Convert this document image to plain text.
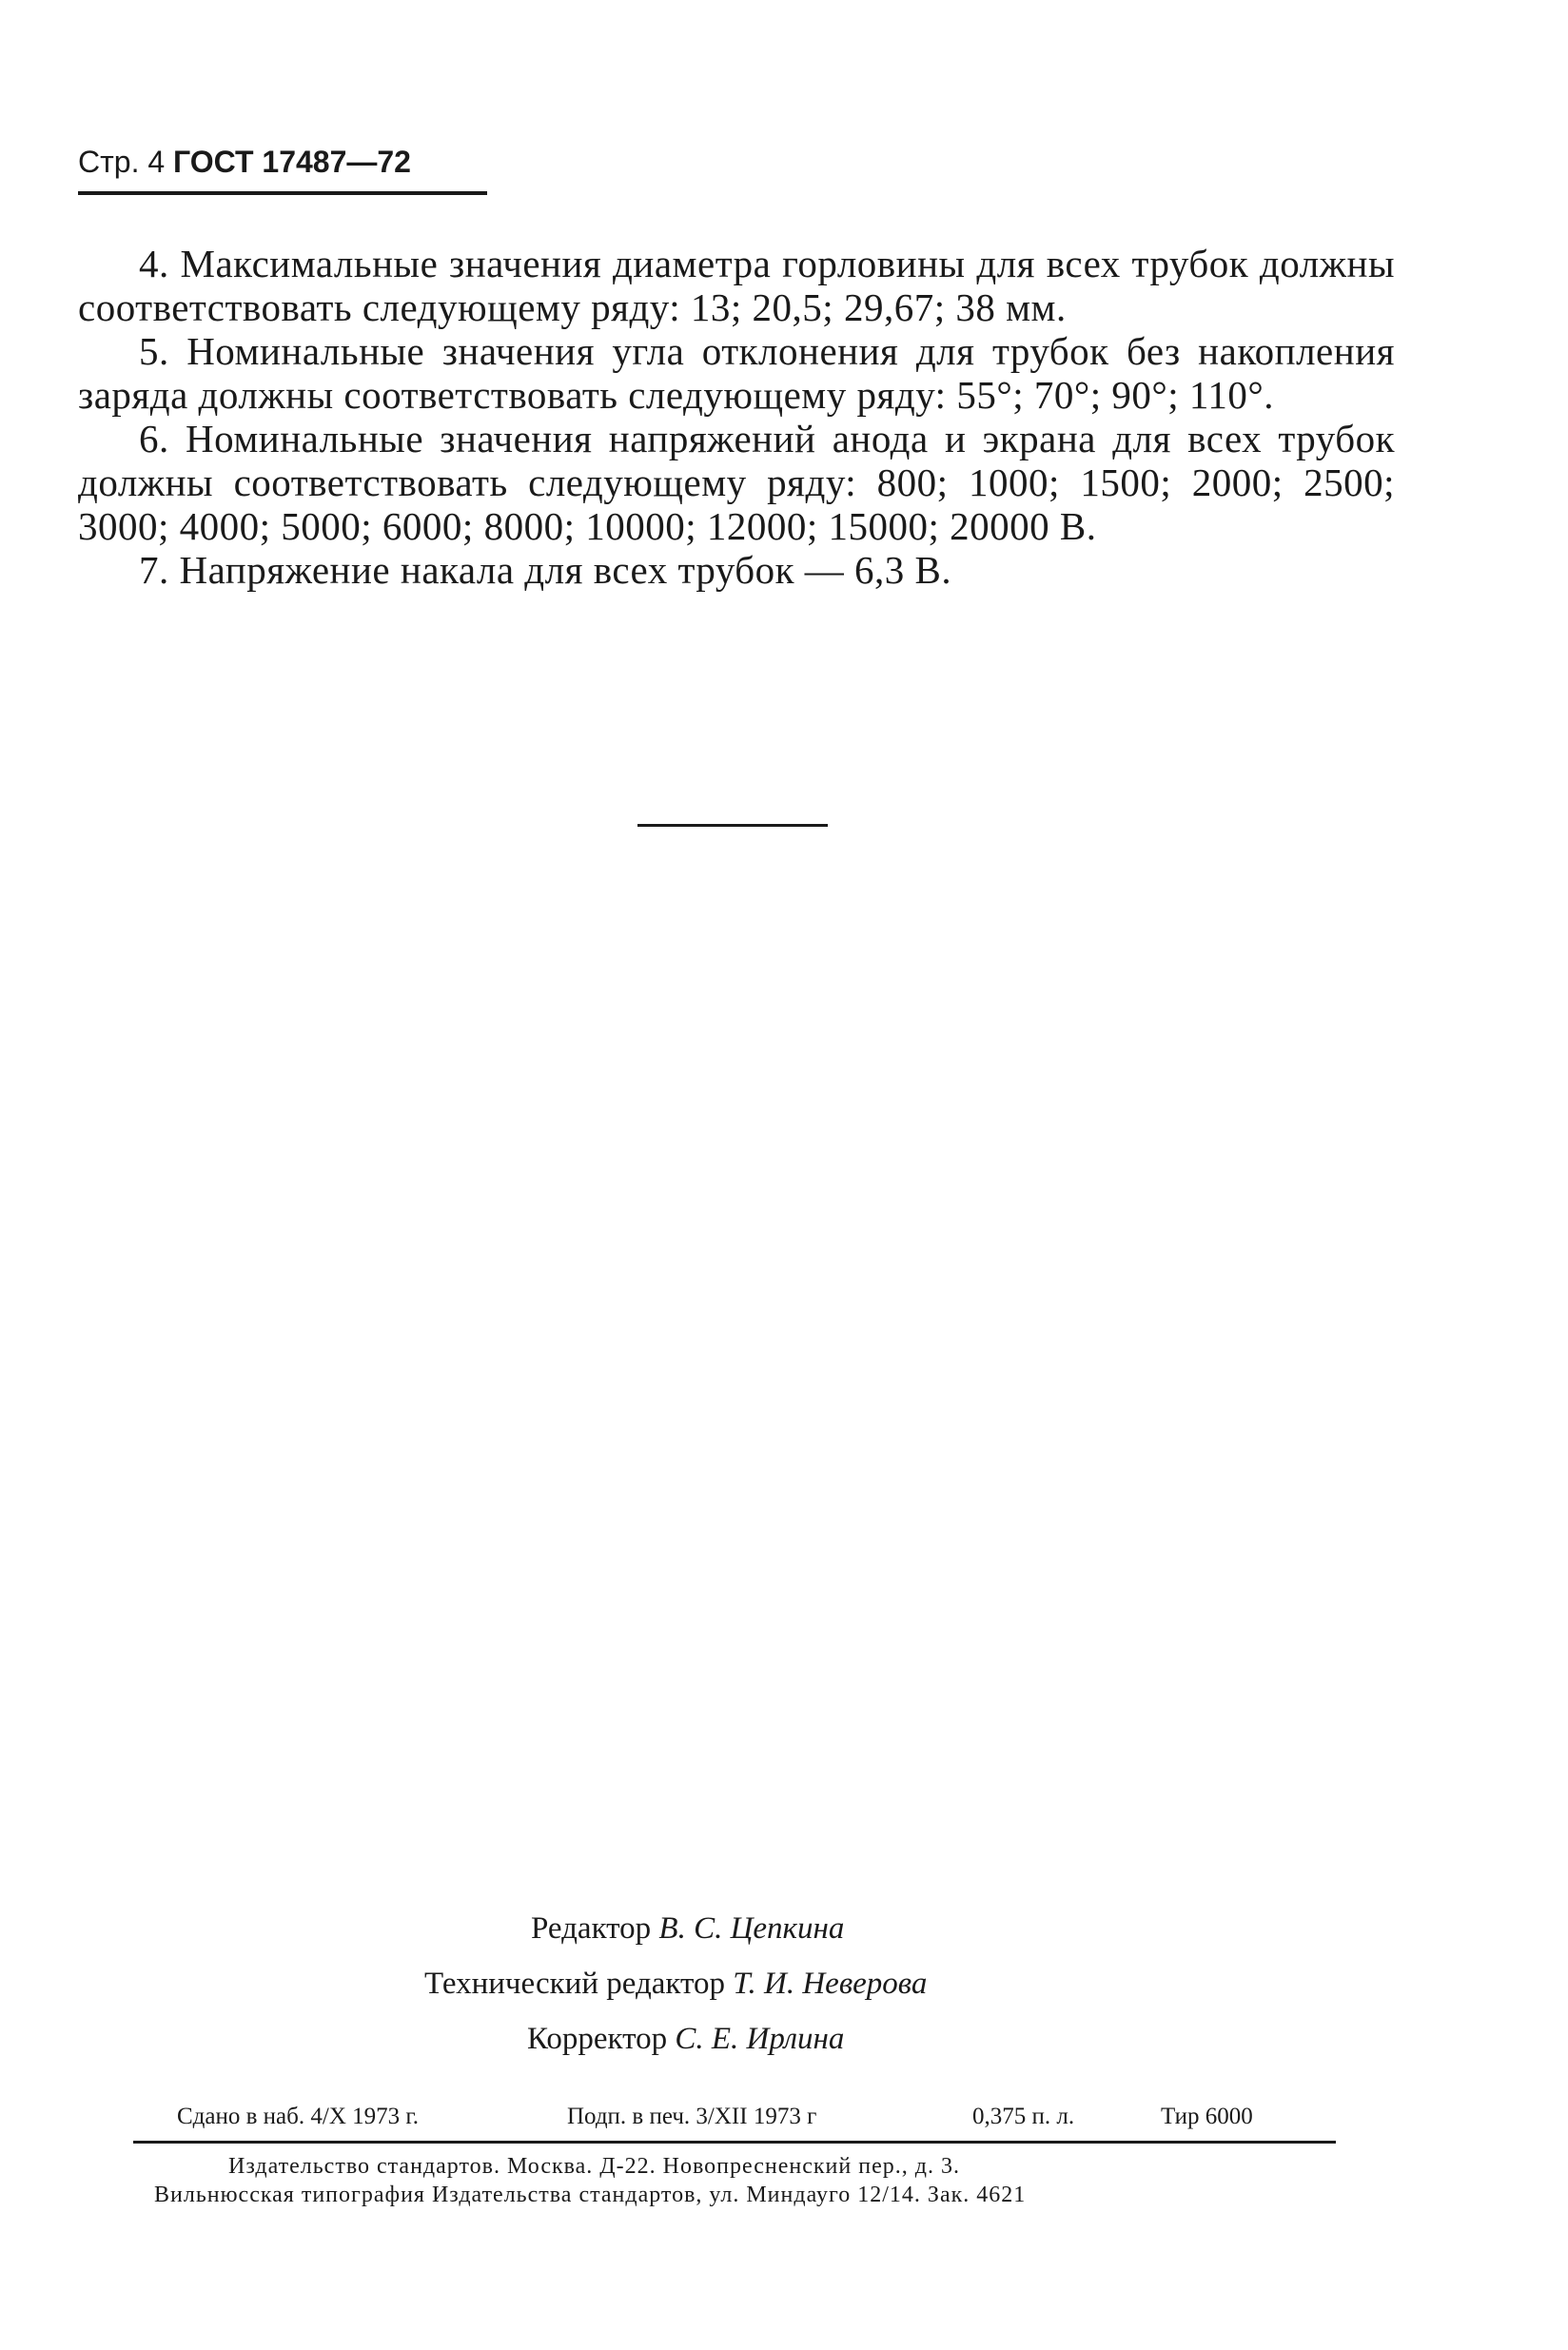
Стр. 4 ГОСТ 17487—72

4. Максимальные значения диаметра горловины для всех трубок должны соответствовать следующему ряду: 13; 20,5; 29,67; 38 мм.

5. Номинальные значения угла отклонения для трубок без накопления заряда должны соответствовать следующему ряду: 55°; 70°; 90°; 110°.

6. Номинальные значения напряжений анода и экрана для всех трубок должны соответствовать следующему ряду: 800; 1000; 1500; 2000; 2500; 3000; 4000; 5000; 6000; 8000; 10000; 12000; 15000; 20000 В.

7. Напряжение накала для всех трубок — 6,3 В.

Редактор В. С. Цепкина
Технический редактор Т. И. Неверова
Корректор С. Е. Ирлина
Сдано в наб. 4/X 1973 г.	Подп. в печ. 3/XII 1973 г	0,375 п. л.	Тир 6000
Издательство стандартов. Москва. Д-22. Новопресненский пер., д. 3.
Вильнюсская типография Издательства стандартов, ул. Миндауго 12/14. Зак. 4621
